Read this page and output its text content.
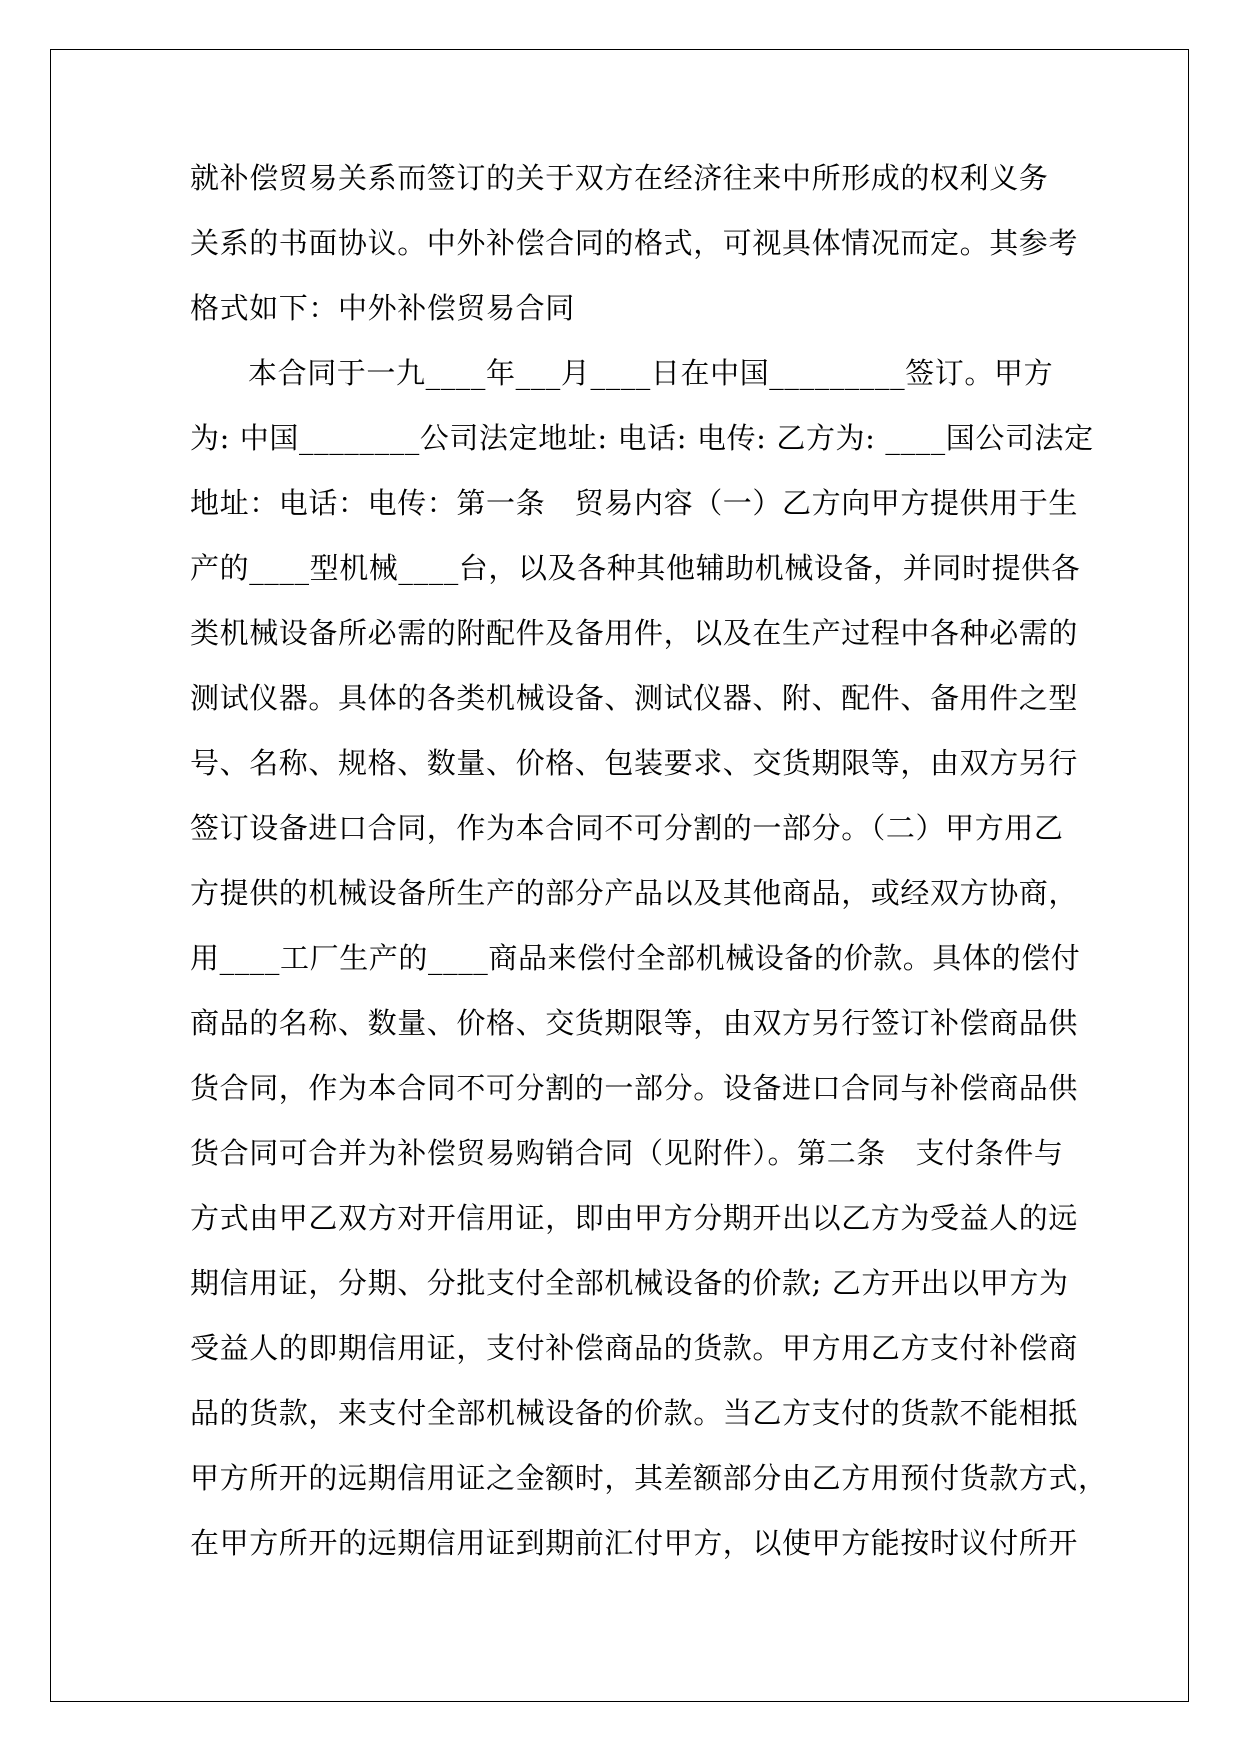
就补偿贸易关系而签订的关于双方在经济往来中所形成的权利义务
关系的书面协议。中外补偿合同的格式，可视具体情况而定。其参考
格式如下：中外补偿贸易合同
本合同于一九____年___月____日在中国_________签订。甲方
为: 中国________公司法定地址: 电话: 电传: 乙方为: ____国公司法定
地址：电话：电传：第一条　贸易内容（一）乙方向甲方提供用于生
产的____型机械____台，以及各种其他辅助机械设备，并同时提供各
类机械设备所必需的附配件及备用件，以及在生产过程中各种必需的
测试仪器。具体的各类机械设备、测试仪器、附、配件、备用件之型
号、名称、规格、数量、价格、包装要求、交货期限等，由双方另行
签订设备进口合同，作为本合同不可分割的一部分。（二）甲方用乙
方提供的机械设备所生产的部分产品以及其他商品，或经双方协商，
用____工厂生产的____商品来偿付全部机械设备的价款。具体的偿付
商品的名称、数量、价格、交货期限等，由双方另行签订补偿商品供
货合同，作为本合同不可分割的一部分。设备进口合同与补偿商品供
货合同可合并为补偿贸易购销合同（见附件）。第二条　支付条件与
方式由甲乙双方对开信用证，即由甲方分期开出以乙方为受益人的远
期信用证，分期、分批支付全部机械设备的价款; 乙方开出以甲方为
受益人的即期信用证，支付补偿商品的货款。甲方用乙方支付补偿商
品的货款，来支付全部机械设备的价款。当乙方支付的货款不能相抵
甲方所开的远期信用证之金额时，其差额部分由乙方用预付货款方式，
在甲方所开的远期信用证到期前汇付甲方，以使甲方能按时议付所开
